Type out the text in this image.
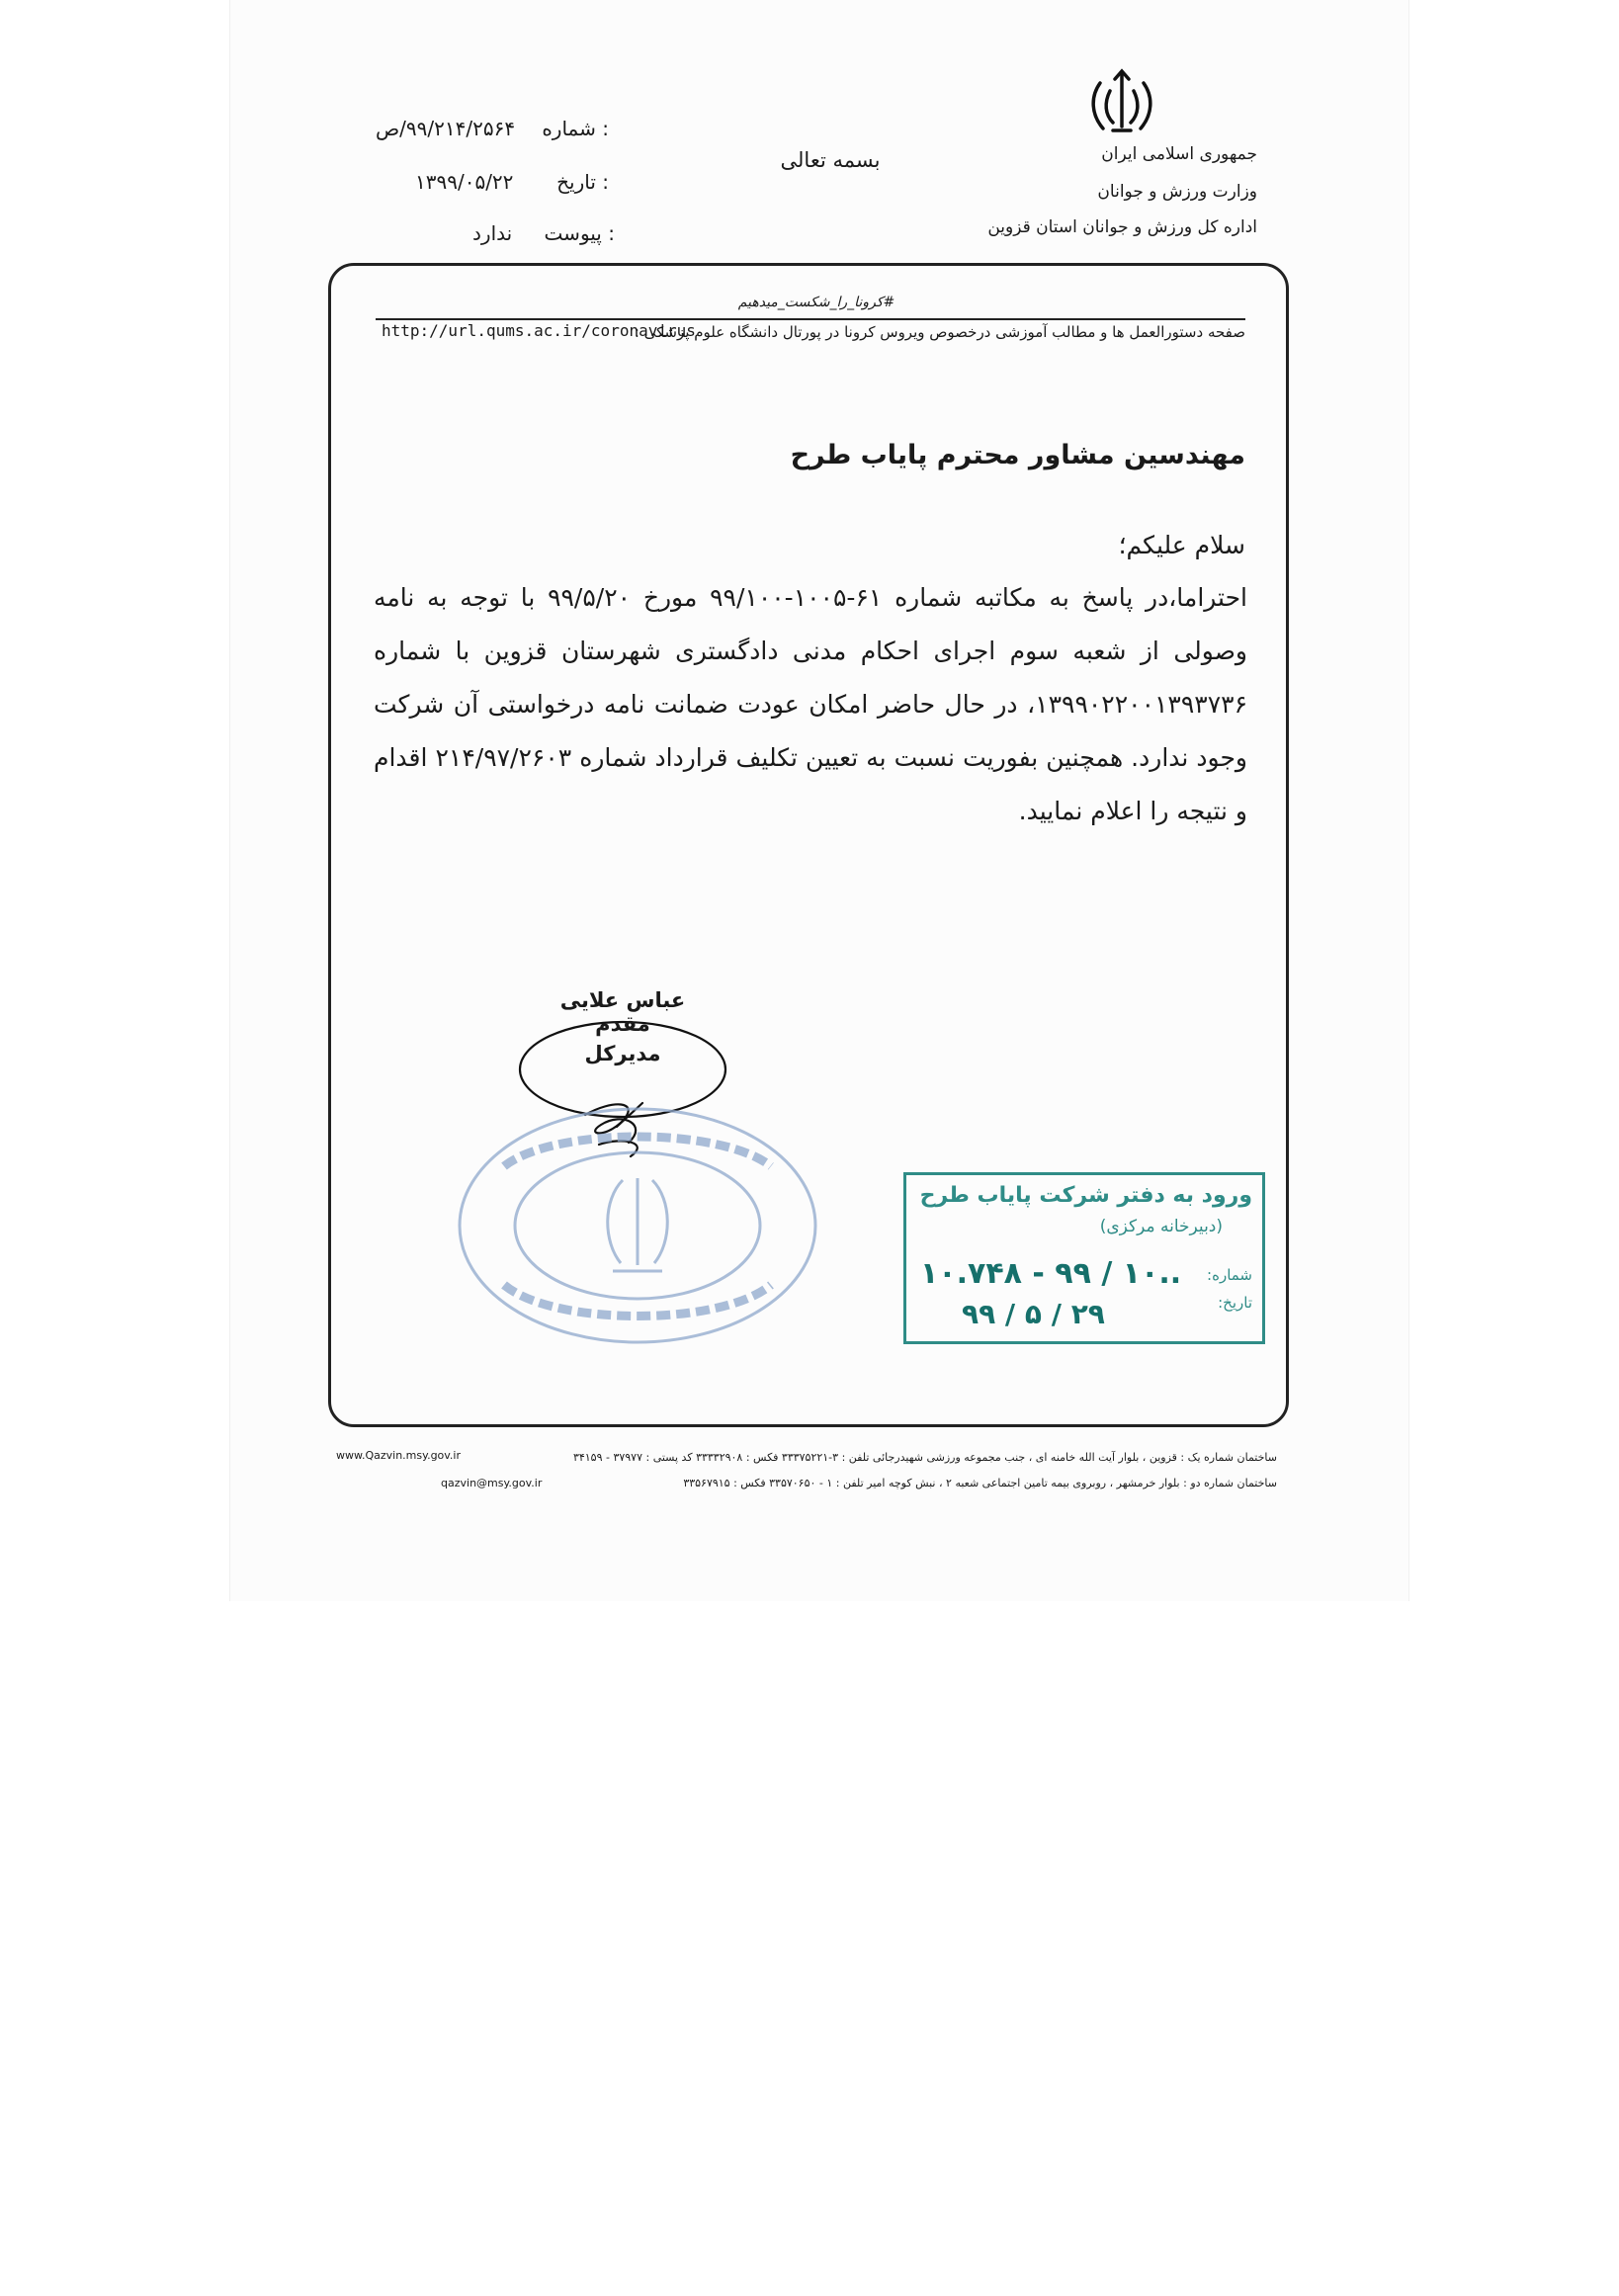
شماره :
۹۹/۲۱۴/۲۵۶۴/ص
تاریخ :
۱۳۹۹/۰۵/۲۲
پیوست :
ندارد
بسمه تعالی	جمهوری اسلامی ایران
وزارت ورزش و جوانان
اداره کل ورزش و جوانان استان قزوین
#کرونا_را_شکست_میدهیم
صفحه دستورالعمل ها و مطالب آموزشی درخصوص ویروس کرونا در پورتال دانشگاه علوم پزشکی :
http://url.qums.ac.ir/coronavirus
مهندسین مشاور محترم پایاب طرح
سلام علیکم؛
احتراما،در پاسخ به مکاتبه شماره ۶۱-۱۰۰۵-۹۹/۱۰۰ مورخ ۹۹/۵/۲۰ با توجه به نامه وصولی از شعبه سوم اجرای احکام مدنی دادگستری شهرستان قزوین با شماره ۱۳۹۹۰۲۲۰۰۱۳۹۳۷۳۶، در حال حاضر امکان عودت ضمانت نامه درخواستی آن شرکت وجود ندارد. همچنین بفوریت نسبت به تعیین تکلیف قرارداد شماره ۲۱۴/۹۷/۲۶۰۳ اقدام و نتیجه را اعلام نمایید.
عباس علایی مقدم
مدیرکل
ورود به دفتر شرکت پایاب طرح
(دبیرخانه مرکزی)
شماره:
تاریخ:
۱۰.۷۴۸ - ۹۹ / ۱۰..
۹۹ / ۵ / ۲۹
www.Qazvin.msy.gov.ir
qazvin@msy.gov.ir
ساختمان شماره یک : قزوین ، بلوار آیت الله خامنه ای ، جنب مجموعه ورزشی شهیدرجائی تلفن : ۳-۳۳۳۷۵۲۲۱ فکس : ۳۳۳۳۲۹۰۸ کد پستی : ۳۷۹۷۷ - ۳۴۱۵۹
ساختمان شماره دو : بلوار خرمشهر ، روبروی بیمه تامین اجتماعی شعبه ۲ ، نبش کوچه امیر تلفن : ۱ - ۳۳۵۷۰۶۵۰ فکس : ۳۳۵۶۷۹۱۵
